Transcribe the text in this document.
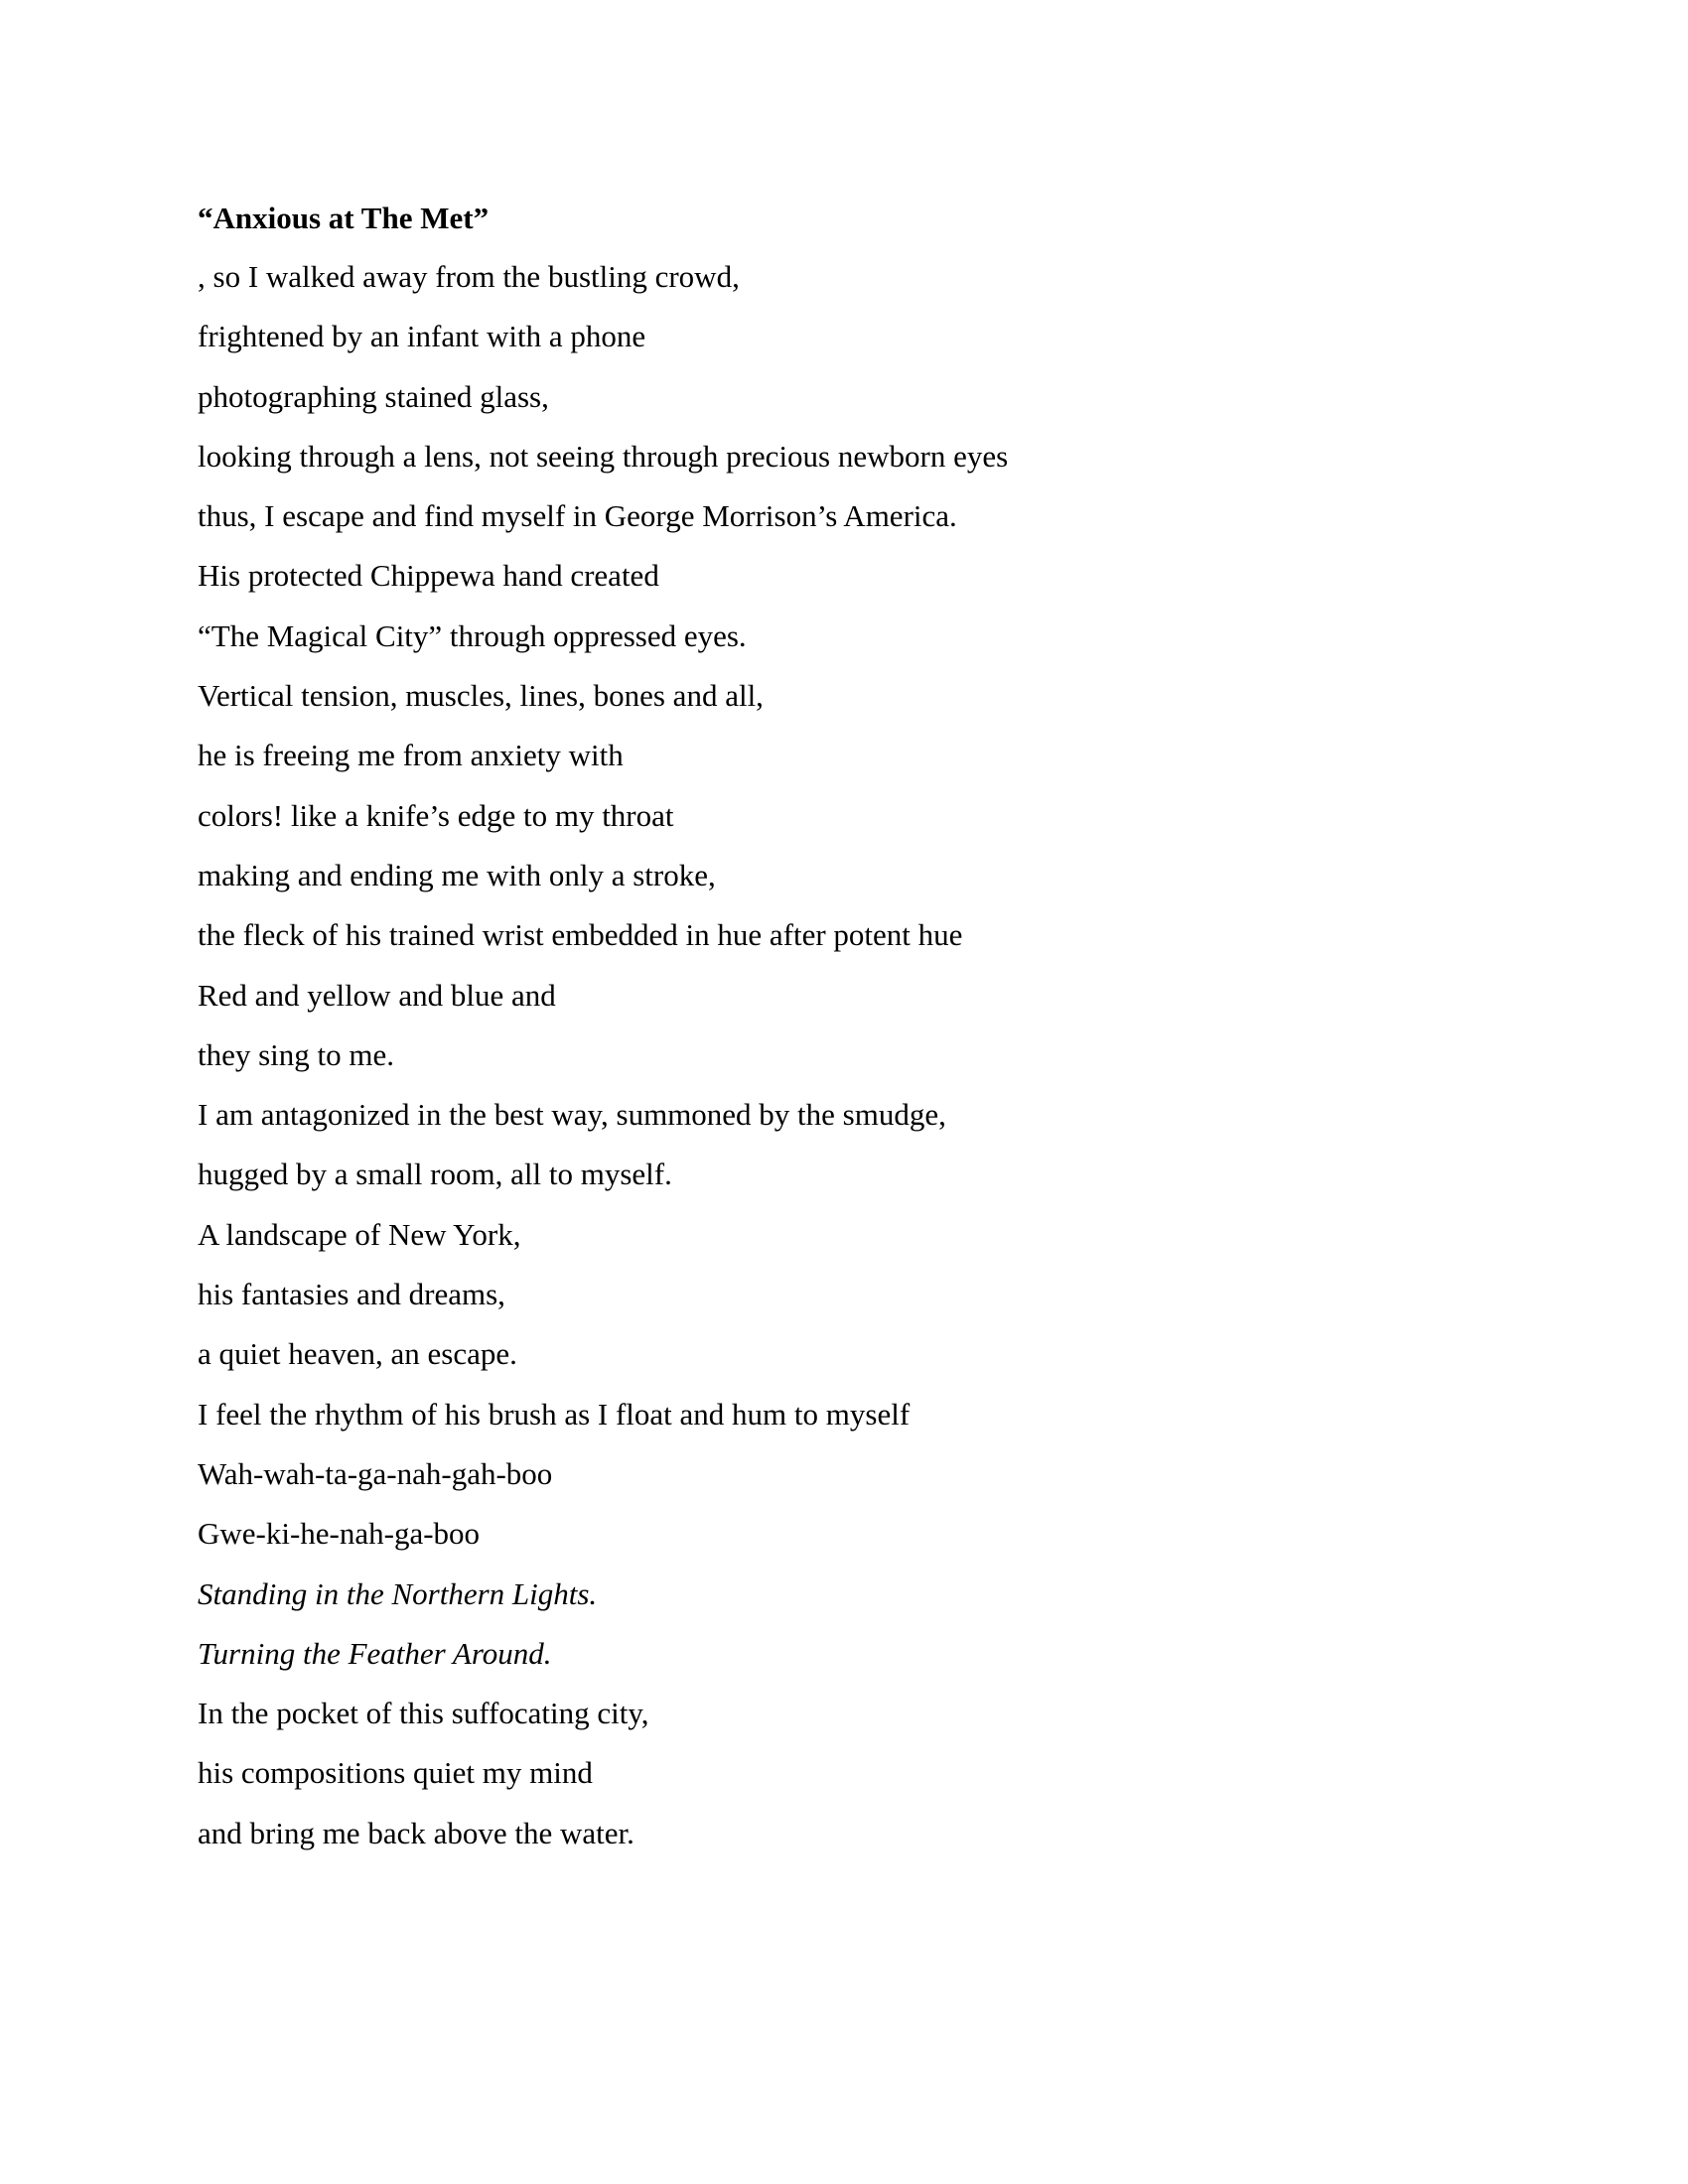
“Anxious at The Met”
, so I walked away from the bustling crowd,
frightened by an infant with a phone
photographing stained glass,
looking through a lens, not seeing through precious newborn eyes
thus, I escape and find myself in George Morrison’s America.
His protected Chippewa hand created
“The Magical City” through oppressed eyes.
Vertical tension, muscles, lines, bones and all,
he is freeing me from anxiety with
colors! like a knife’s edge to my throat
making and ending me with only a stroke,
the fleck of his trained wrist embedded in hue after potent hue
Red and yellow and blue and
they sing to me.
I am antagonized in the best way, summoned by the smudge,
hugged by a small room, all to myself.
A landscape of New York,
his fantasies and dreams,
a quiet heaven, an escape.
I feel the rhythm of his brush as I float and hum to myself
Wah-wah-ta-ga-nah-gah-boo
Gwe-ki-he-nah-ga-boo
Standing in the Northern Lights.
Turning the Feather Around.
In the pocket of this suffocating city,
his compositions quiet my mind
and bring me back above the water.
